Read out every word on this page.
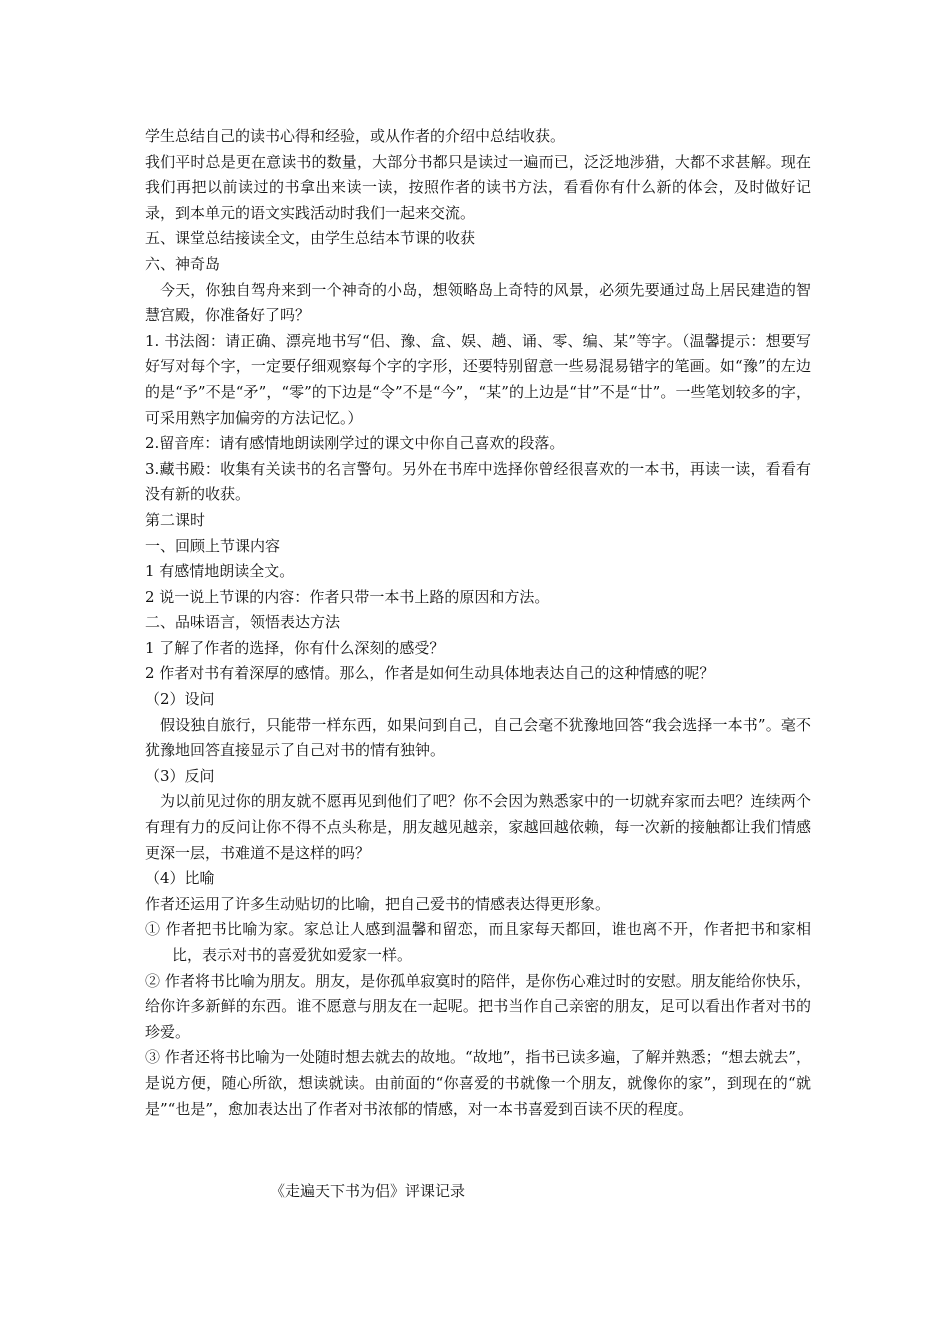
学生总结自己的读书心得和经验，或从作者的介绍中总结收获。

我们平时总是更在意读书的数量，大部分书都只是读过一遍而已，泛泛地涉猎，大都不求甚解。现在我们再把以前读过的书拿出来读一读，按照作者的读书方法，看看你有什么新的体会，及时做好记录，到本单元的语文实践活动时我们一起来交流。

五、课堂总结接读全文，由学生总结本节课的收获

六、神奇岛

今天，你独自驾舟来到一个神奇的小岛，想领略岛上奇特的风景，必须先要通过岛上居民建造的智慧宫殿，你准备好了吗？

1. 书法阁：请正确、漂亮地书写“侣、豫、盒、娱、趟、诵、零、编、某”等字。（温馨提示：想要写好写对每个字，一定要仔细观察每个字的字形，还要特别留意一些易混易错字的笔画。如“豫”的左边的是“予”不是“矛”，“零”的下边是“令”不是“今”，“某”的上边是“甘”不是“廿”。一些笔划较多的字，可采用熟字加偏旁的方法记忆。）

2.留音库：请有感情地朗读刚学过的课文中你自己喜欢的段落。

3.藏书殿：收集有关读书的名言警句。另外在书库中选择你曾经很喜欢的一本书，再读一读，看看有没有新的收获。

第二课时

一、回顾上节课内容

1 有感情地朗读全文。

2 说一说上节课的内容：作者只带一本书上路的原因和方法。

二、品味语言，领悟表达方法

1 了解了作者的选择，你有什么深刻的感受？

2 作者对书有着深厚的感情。那么，作者是如何生动具体地表达自己的这种情感的呢？

（2）设问

假设独自旅行，只能带一样东西，如果问到自己，自己会毫不犹豫地回答“我会选择一本书”。毫不犹豫地回答直接显示了自己对书的情有独钟。

（3）反问

为以前见过你的朋友就不愿再见到他们了吧？你不会因为熟悉家中的一切就弃家而去吧？连续两个有理有力的反问让你不得不点头称是，朋友越见越亲，家越回越依赖，每一次新的接触都让我们情感更深一层，书难道不是这样的吗？

（4）比喻

作者还运用了许多生动贴切的比喻，把自己爱书的情感表达得更形象。

① 作者把书比喻为家。家总让人感到温馨和留恋，而且家每天都回，谁也离不开，作者把书和家相比，表示对书的喜爱犹如爱家一样。

② 作者将书比喻为朋友。朋友，是你孤单寂寞时的陪伴，是你伤心难过时的安慰。朋友能给你快乐，给你许多新鲜的东西。谁不愿意与朋友在一起呢。把书当作自己亲密的朋友，足可以看出作者对书的珍爱。

③ 作者还将书比喻为一处随时想去就去的故地。“故地”，指书已读多遍，了解并熟悉；“想去就去”，是说方便，随心所欲，想读就读。由前面的“你喜爱的书就像一个朋友，就像你的家”，到现在的“就是”“也是”，愈加表达出了作者对书浓郁的情感，对一本书喜爱到百读不厌的程度。

《走遍天下书为侣》评课记录
